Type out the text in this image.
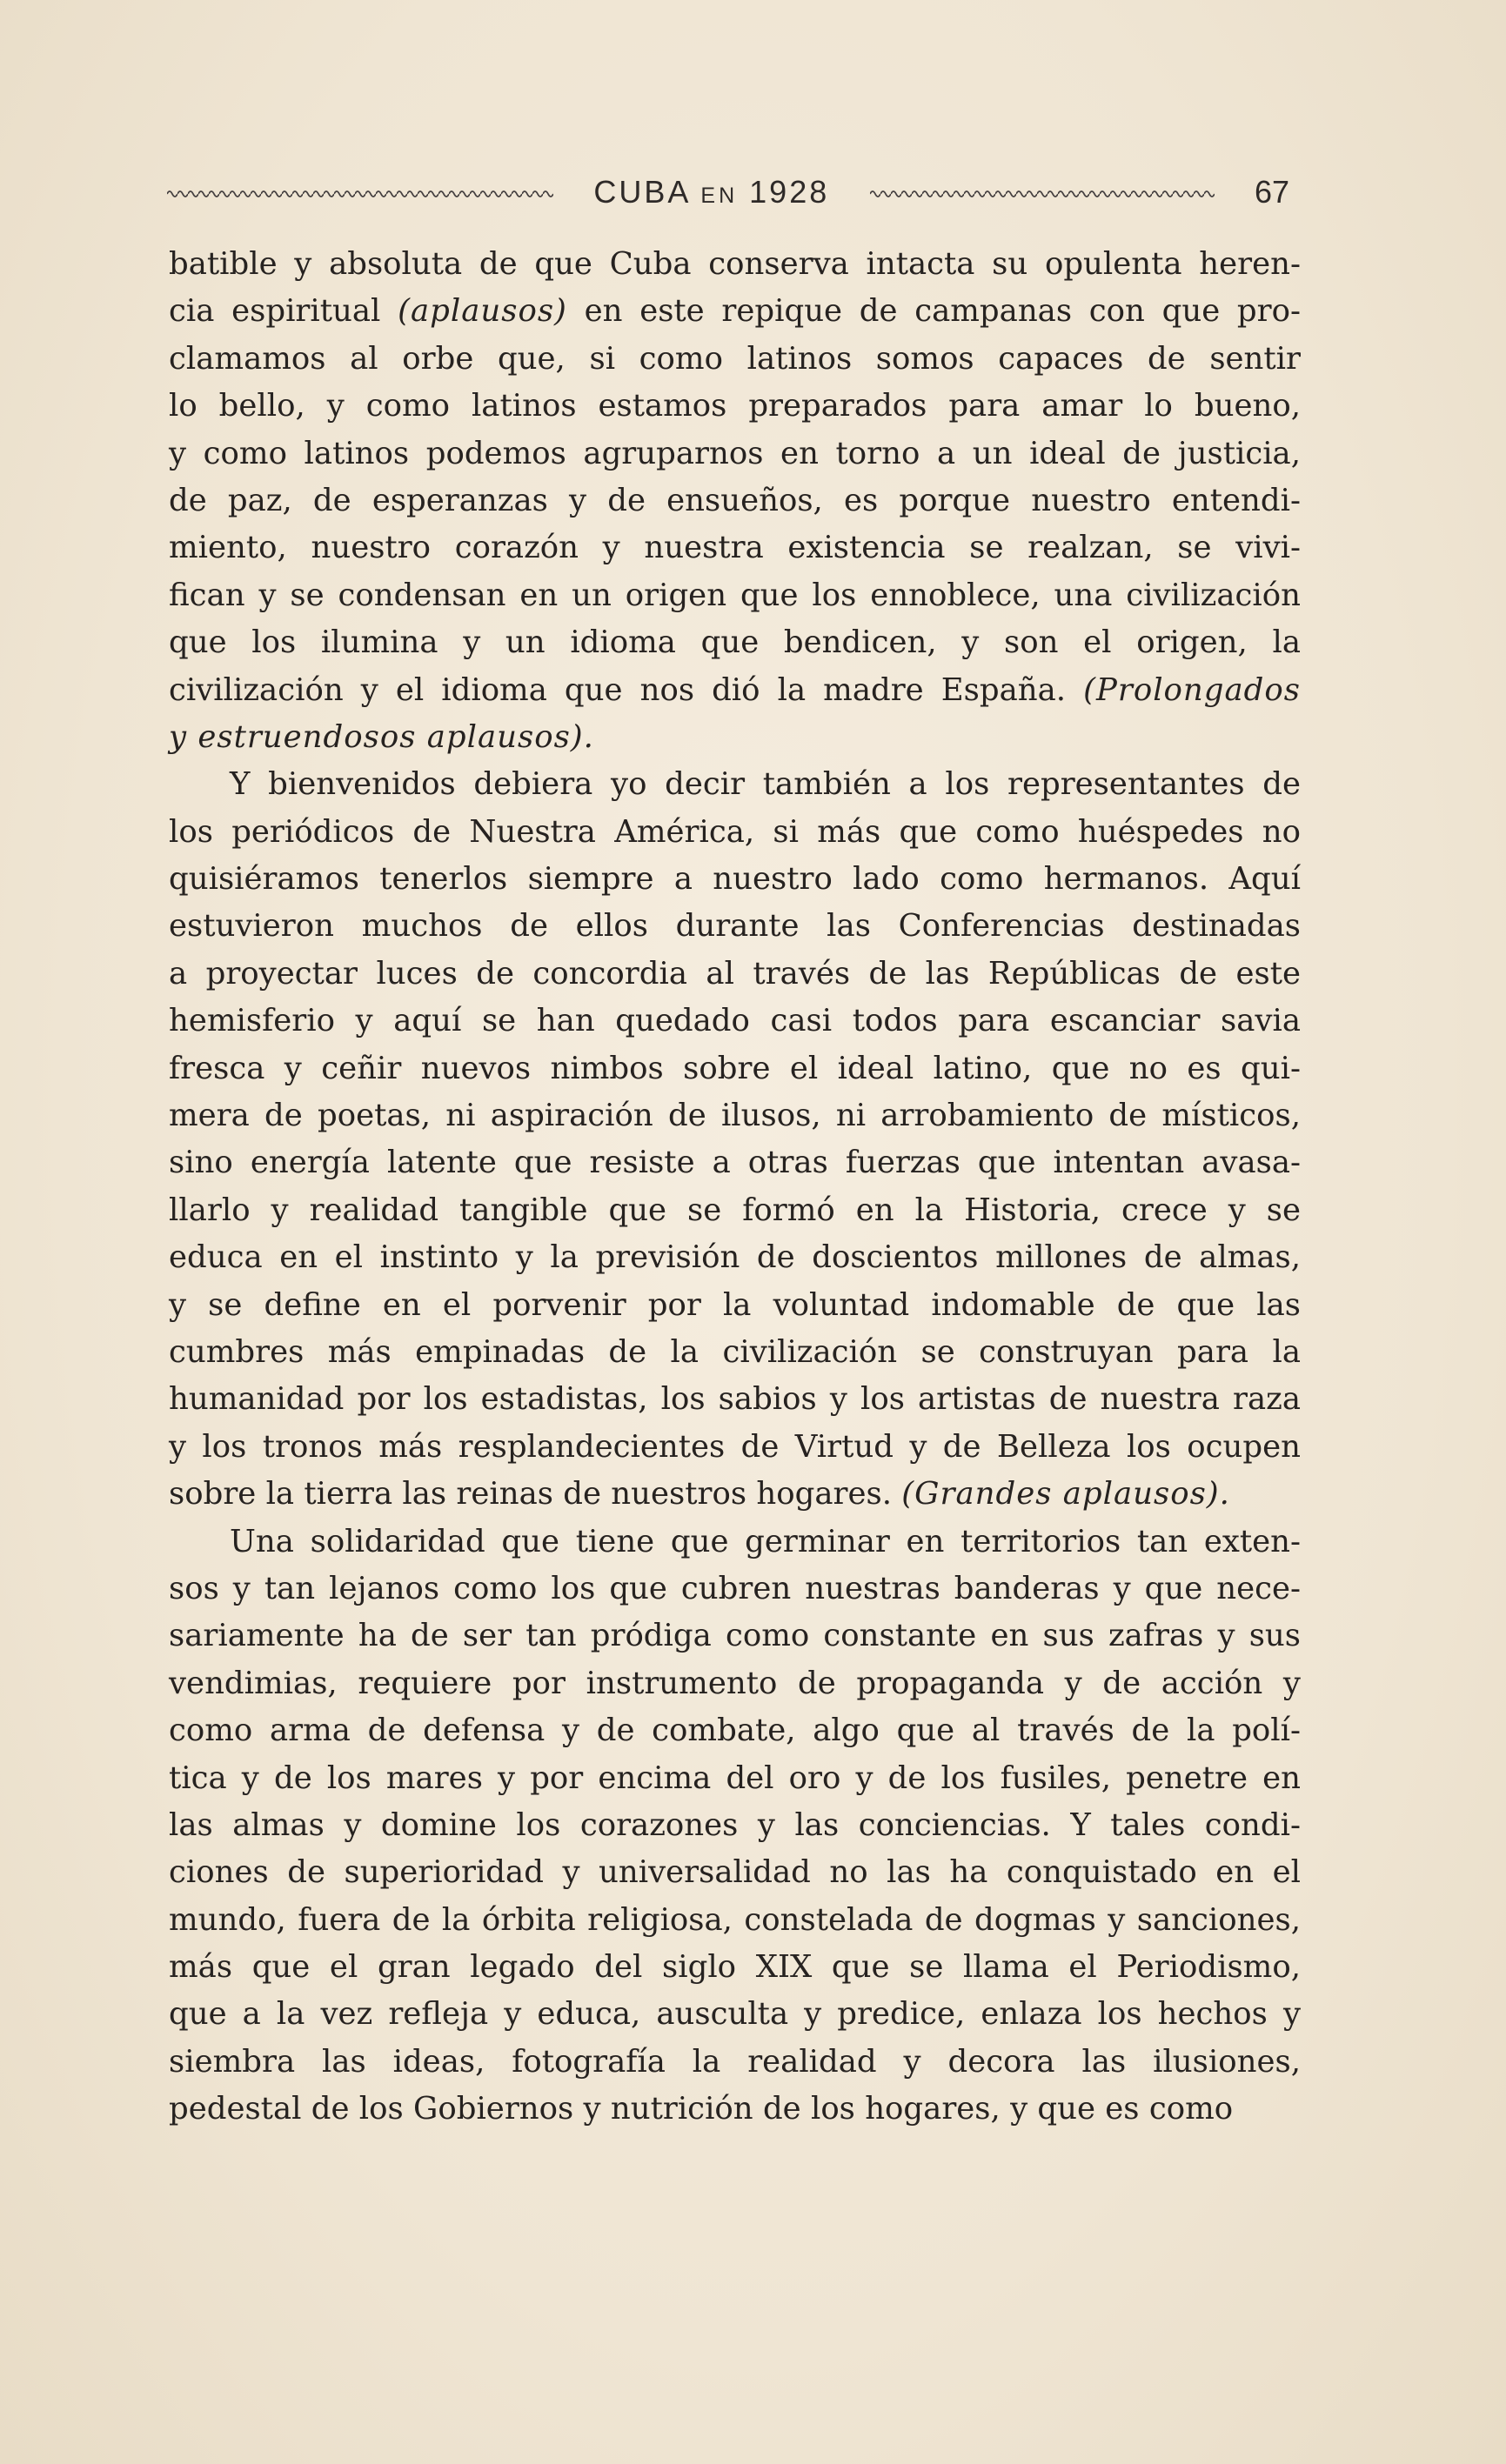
CUBA EN 1928	67
batible y absoluta de que Cuba conserva intacta su opulenta heren-
cia espiritual (aplausos) en este repique de campanas con que pro-
clamamos al orbe que, si como latinos somos capaces de sentir
lo bello, y como latinos estamos preparados para amar lo bueno,
y como latinos podemos agruparnos en torno a un ideal de justicia,
de paz, de esperanzas y de ensueños, es porque nuestro entendi-
miento, nuestro corazón y nuestra existencia se realzan, se vivi-
fican y se condensan en un origen que los ennoblece, una civilización
que los ilumina y un idioma que bendicen, y son el origen, la
civilización y el idioma que nos dió la madre España. (Prolongados
y estruendosos aplausos).
Y bienvenidos debiera yo decir también a los representantes de
los periódicos de Nuestra América, si más que como huéspedes no
quisiéramos tenerlos siempre a nuestro lado como hermanos. Aquí
estuvieron muchos de ellos durante las Conferencias destinadas
a proyectar luces de concordia al través de las Repúblicas de este
hemisferio y aquí se han quedado casi todos para escanciar savia
fresca y ceñir nuevos nimbos sobre el ideal latino, que no es qui-
mera de poetas, ni aspiración de ilusos, ni arrobamiento de místicos,
sino energía latente que resiste a otras fuerzas que intentan avasa-
llarlo y realidad tangible que se formó en la Historia, crece y se
educa en el instinto y la previsión de doscientos millones de almas,
y se define en el porvenir por la voluntad indomable de que las
cumbres más empinadas de la civilización se construyan para la
humanidad por los estadistas, los sabios y los artistas de nuestra raza
y los tronos más resplandecientes de Virtud y de Belleza los ocupen
sobre la tierra las reinas de nuestros hogares. (Grandes aplausos).
Una solidaridad que tiene que germinar en territorios tan exten-
sos y tan lejanos como los que cubren nuestras banderas y que nece-
sariamente ha de ser tan pródiga como constante en sus zafras y sus
vendimias, requiere por instrumento de propaganda y de acción y
como arma de defensa y de combate, algo que al través de la polí-
tica y de los mares y por encima del oro y de los fusiles, penetre en
las almas y domine los corazones y las conciencias. Y tales condi-
ciones de superioridad y universalidad no las ha conquistado en el
mundo, fuera de la órbita religiosa, constelada de dogmas y sanciones,
más que el gran legado del siglo XIX que se llama el Periodismo,
que a la vez refleja y educa, ausculta y predice, enlaza los hechos y
siembra las ideas, fotografía la realidad y decora las ilusiones,
pedestal de los Gobiernos y nutrición de los hogares, y que es como
